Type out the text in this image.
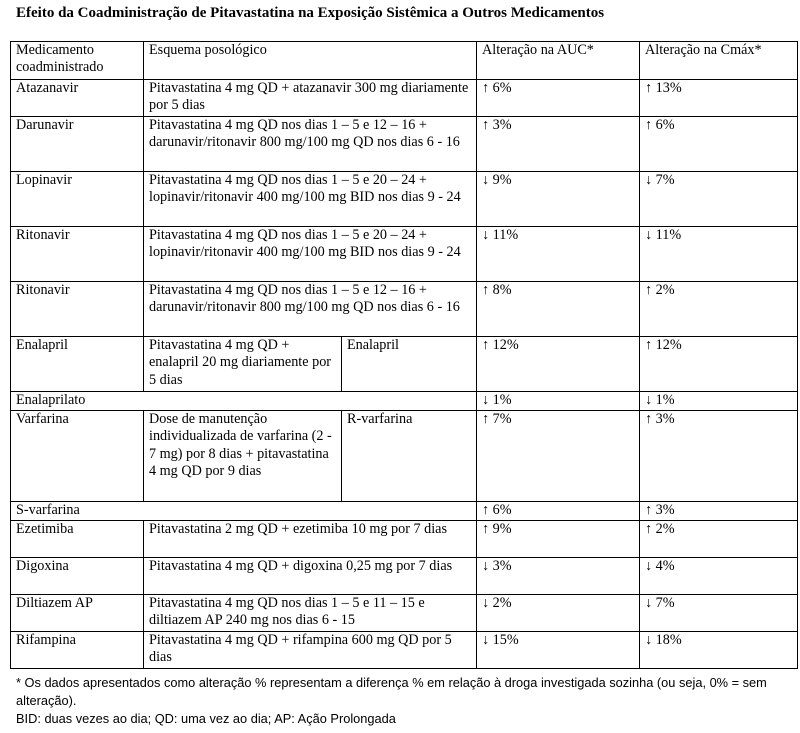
Efeito da Coadministração de Pitavastatina na Exposição Sistêmica a Outros Medicamentos
Medicamento coadministrado	Esquema posológico		Alteração na AUC*	Alteração na Cmáx*
Atazanavir	Pitavastatina 4 mg QD + atazanavir 300 mg diariamente por 5 dias		↑ 6%	↑ 13%
Darunavir	Pitavastatina 4 mg QD nos dias 1 – 5 e 12 – 16 + darunavir/ritonavir 800 mg/100 mg QD nos dias 6 - 16		↑ 3%	↑ 6%
Lopinavir	Pitavastatina 4 mg QD nos dias 1 – 5 e 20 – 24 + lopinavir/ritonavir 400 mg/100 mg BID nos dias 9 - 24		↓ 9%	↓ 7%
Ritonavir	Pitavastatina 4 mg QD nos dias 1 – 5 e 20 – 24 + lopinavir/ritonavir 400 mg/100 mg BID nos dias 9 - 24		↓ 11%	↓ 11%
Ritonavir	Pitavastatina 4 mg QD nos dias 1 – 5 e 12 – 16 + darunavir/ritonavir 800 mg/100 mg QD nos dias 6 - 16		↑ 8%	↑ 2%
Enalapril	Pitavastatina 4 mg QD + enalapril 20 mg diariamente por 5 dias	Enalapril	↑ 12%	↑ 12%
Enalaprilato			↓ 1%	↓ 1%
Varfarina	Dose de manutenção individualizada de varfarina (2 - 7 mg) por 8 dias + pitavastatina 4 mg QD por 9 dias	R-varfarina	↑ 7%	↑ 3%
S-varfarina			↑ 6%	↑ 3%
Ezetimiba	Pitavastatina 2 mg QD + ezetimiba 10 mg por 7 dias		↑ 9%	↑ 2%
Digoxina	Pitavastatina 4 mg QD + digoxina 0,25 mg por 7 dias		↓ 3%	↓ 4%
Diltiazem AP	Pitavastatina 4 mg QD nos dias 1 – 5 e 11 – 15 e diltiazem AP 240 mg nos dias 6 - 15		↓ 2%	↓ 7%
Rifampina	Pitavastatina 4 mg QD + rifampina 600 mg QD por 5 dias		↓ 15%	↓ 18%
* Os dados apresentados como alteração % representam a diferença % em relação à droga investigada sozinha (ou seja, 0% = sem alteração).
BID: duas vezes ao dia; QD: uma vez ao dia; AP: Ação Prolongada
